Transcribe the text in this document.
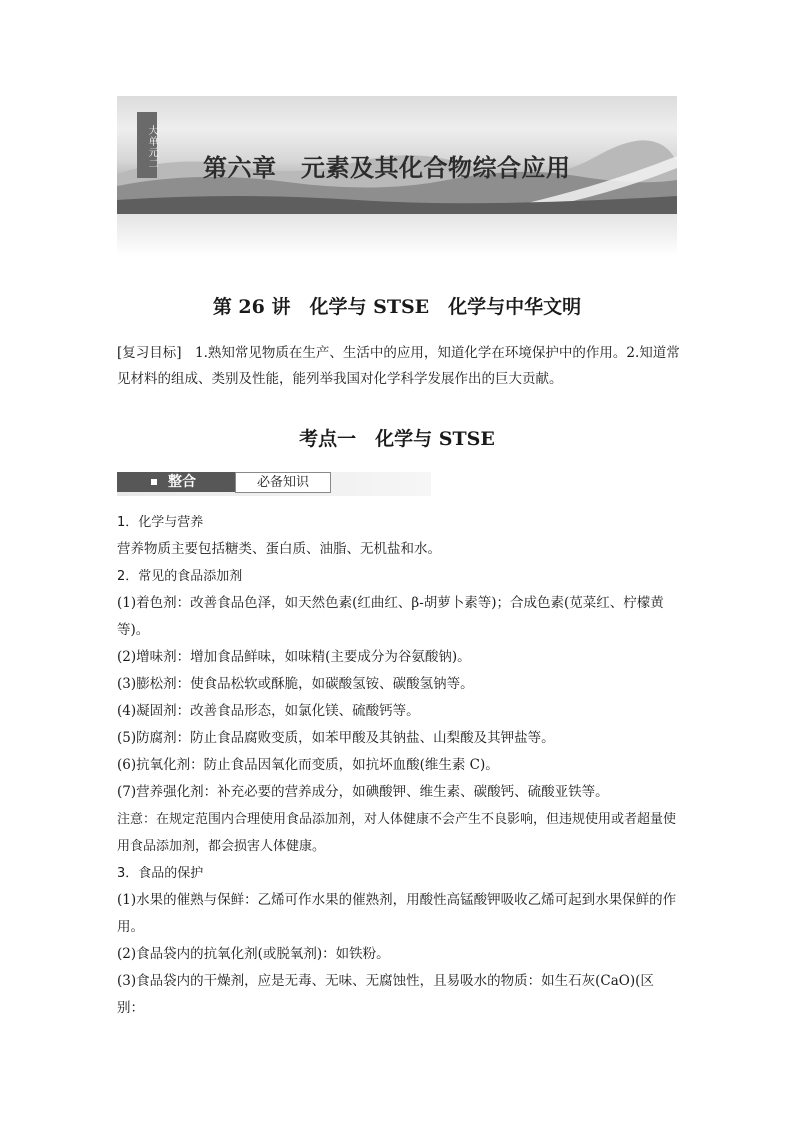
大单元二 第六章　元素及其化合物综合应用
第 26 讲　化学与 STSE　化学与中华文明
[复习目标]　1.熟知常见物质在生产、生活中的应用，知道化学在环境保护中的作用。2.知道常见材料的组成、类别及性能，能列举我国对化学科学发展作出的巨大贡献。
考点一　化学与 STSE
整合	必备知识

1．化学与营养

营养物质主要包括糖类、蛋白质、油脂、无机盐和水。

2．常见的食品添加剂

(1)着色剂：改善食品色泽，如天然色素(红曲红、β-胡萝卜素等)；合成色素(苋菜红、柠檬黄等)。

(2)增味剂：增加食品鲜味，如味精(主要成分为谷氨酸钠)。

(3)膨松剂：使食品松软或酥脆，如碳酸氢铵、碳酸氢钠等。

(4)凝固剂：改善食品形态，如氯化镁、硫酸钙等。

(5)防腐剂：防止食品腐败变质，如苯甲酸及其钠盐、山梨酸及其钾盐等。

(6)抗氧化剂：防止食品因氧化而变质，如抗坏血酸(维生素 C)。

(7)营养强化剂：补充必要的营养成分，如碘酸钾、维生素、碳酸钙、硫酸亚铁等。

注意：在规定范围内合理使用食品添加剂，对人体健康不会产生不良影响，但违规使用或者超量使用食品添加剂，都会损害人体健康。

3．食品的保护

(1)水果的催熟与保鲜：乙烯可作水果的催熟剂，用酸性高锰酸钾吸收乙烯可起到水果保鲜的作用。

(2)食品袋内的抗氧化剂(或脱氧剂)：如铁粉。

(3)食品袋内的干燥剂，应是无毒、无味、无腐蚀性，且易吸水的物质：如生石灰(CaO)(区别：
